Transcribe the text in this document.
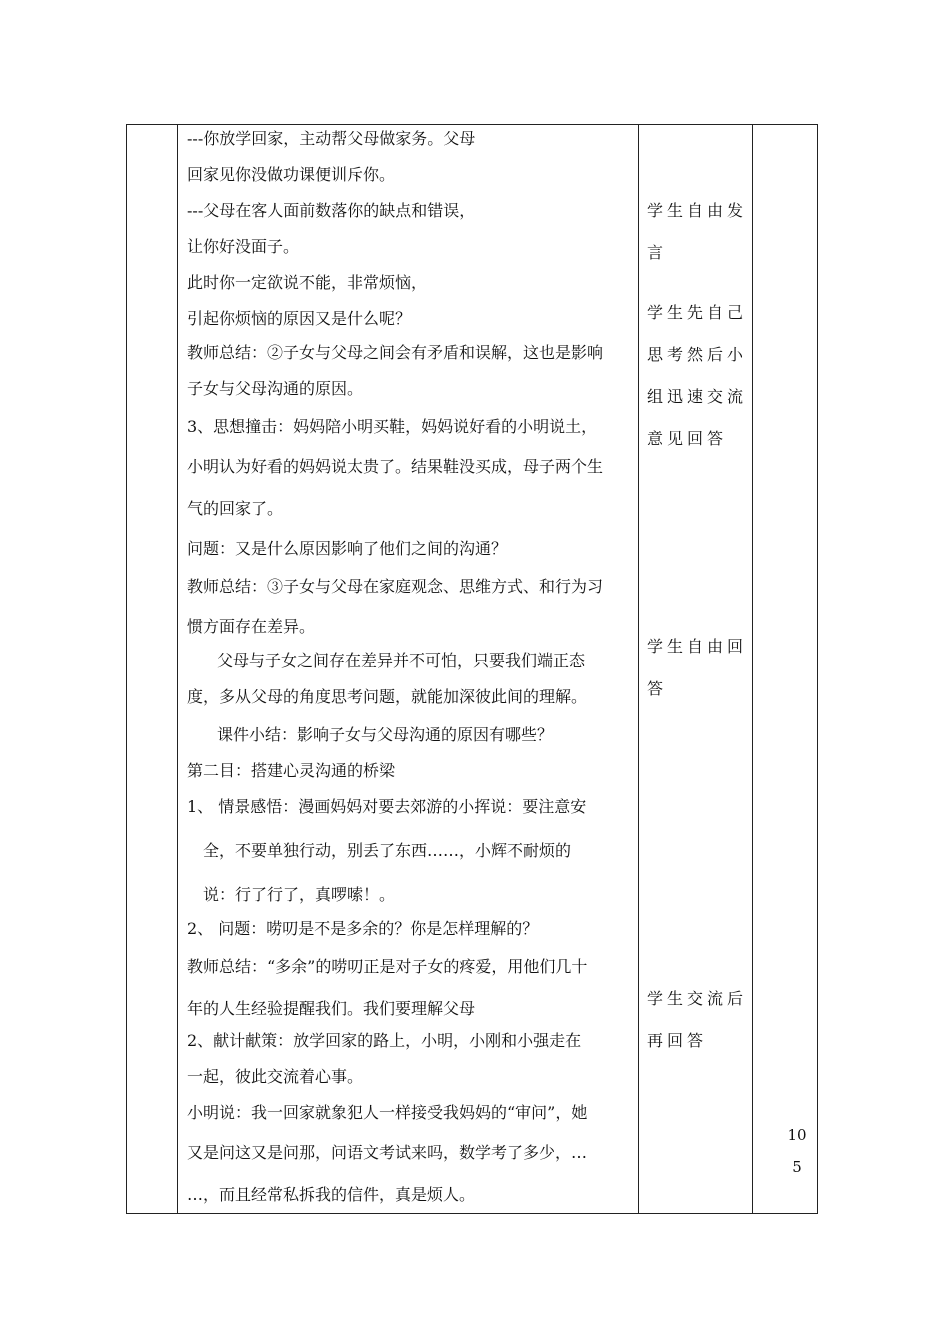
---你放学回家，主动帮父母做家务。父母
回家见你没做功课便训斥你。
---父母在客人面前数落你的缺点和错误，
让你好没面子。
此时你一定欲说不能，非常烦恼，
引起你烦恼的原因又是什么呢？
教师总结：②子女与父母之间会有矛盾和误解，这也是影响
子女与父母沟通的原因。
3、思想撞击：妈妈陪小明买鞋，妈妈说好看的小明说土，
小明认为好看的妈妈说太贵了。结果鞋没买成，母子两个生
气的回家了。
问题：又是什么原因影响了他们之间的沟通？
教师总结：③子女与父母在家庭观念、思维方式、和行为习
惯方面存在差异。
父母与子女之间存在差异并不可怕，只要我们端正态
度，多从父母的角度思考问题，就能加深彼此间的理解。
课件小结：影响子女与父母沟通的原因有哪些？
第二目：搭建心灵沟通的桥梁
1、 情景感悟：漫画妈妈对要去郊游的小挥说：要注意安
全，不要单独行动，别丢了东西……，小辉不耐烦的
说：行了行了，真啰嗦！。
2、 问题：唠叨是不是多余的？你是怎样理解的？
教师总结：“多余”的唠叨正是对子女的疼爱，用他们几十
年的人生经验提醒我们。我们要理解父母
2、献计献策：放学回家的路上，小明，小刚和小强走在
一起，彼此交流着心事。
小明说：我一回家就象犯人一样接受我妈妈的“审问”，她
又是问这又是问那，问语文考试来吗，数学考了多少，…
…，而且经常私拆我的信件，真是烦人。
学生自由发
言
学生先自己
思考然后小
组迅速交流
意见回答
学生自由回
答
学生交流后
再回答
10
5
